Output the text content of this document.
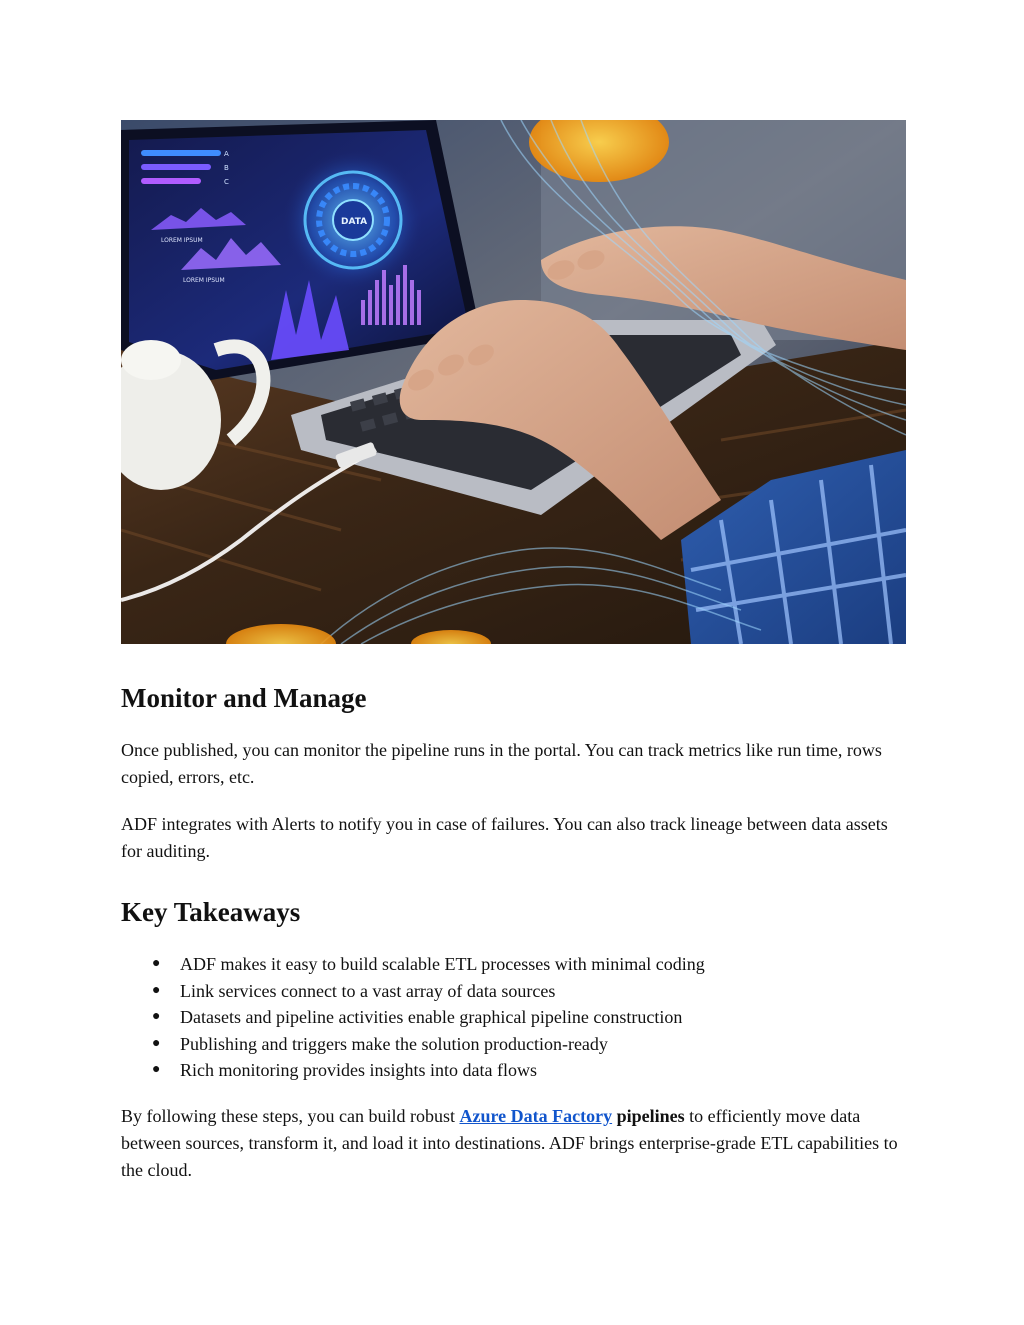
A
B
C
LOREM IPSUM
LOREM IPSUM
DATA
Monitor and Manage

Once published, you can monitor the pipeline runs in the portal. You can track metrics like run time, rows copied, errors, etc.

ADF integrates with Alerts to notify you in case of failures. You can also track lineage between data assets for auditing.

Key Takeaways
● ADF makes it easy to build scalable ETL processes with minimal coding
● Link services connect to a vast array of data sources
● Datasets and pipeline activities enable graphical pipeline construction
● Publishing and triggers make the solution production-ready
● Rich monitoring provides insights into data flows

By following these steps, you can build robust Azure Data Factory pipelines to efficiently move data between sources, transform it, and load it into destinations. ADF brings enterprise-grade ETL capabilities to the cloud.
